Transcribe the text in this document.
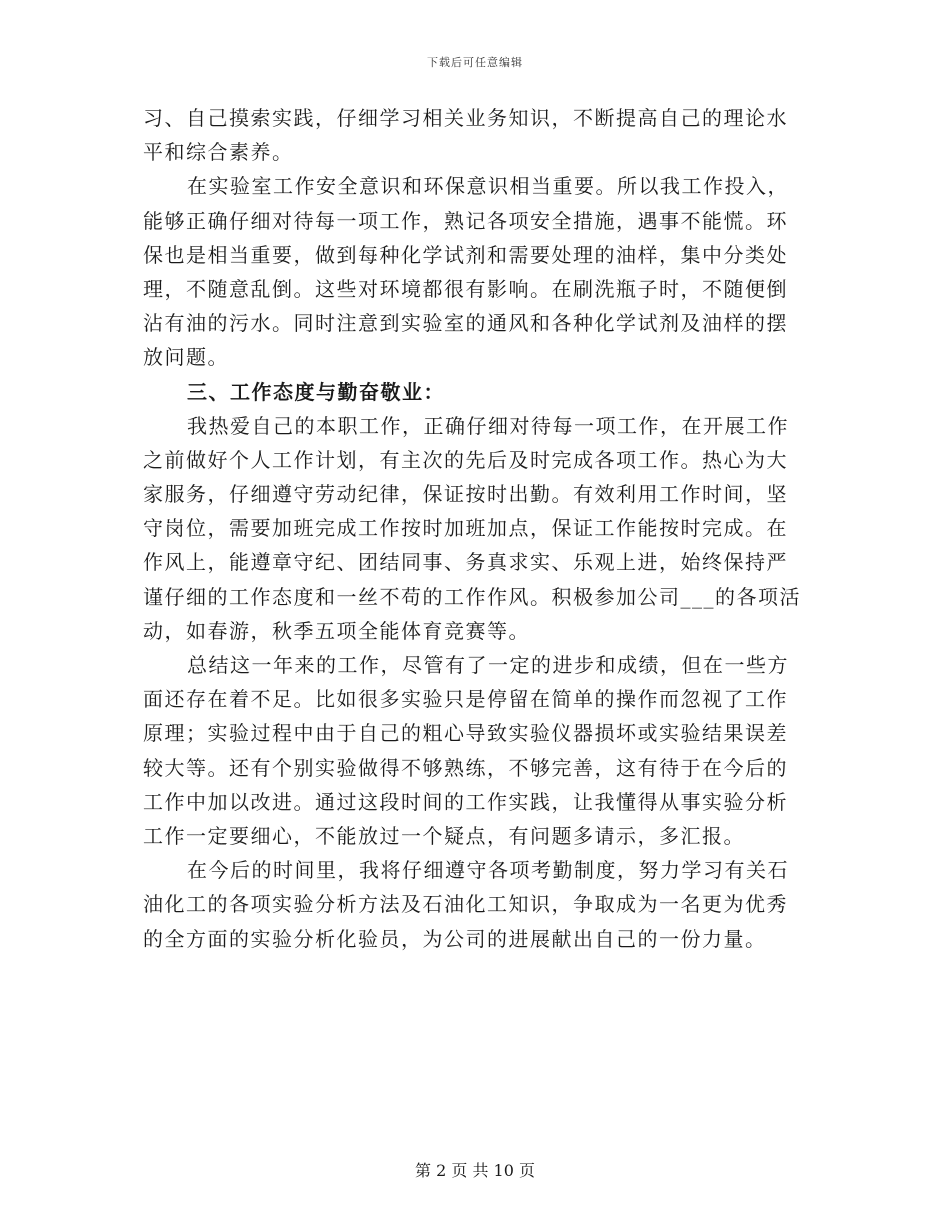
下载后可任意编辑
习、自己摸索实践，仔细学习相关业务知识，不断提高自己的理论水
平和综合素养。
在实验室工作安全意识和环保意识相当重要。所以我工作投入，
能够正确仔细对待每一项工作，熟记各项安全措施，遇事不能慌。环
保也是相当重要，做到每种化学试剂和需要处理的油样，集中分类处
理，不随意乱倒。这些对环境都很有影响。在刷洗瓶子时，不随便倒
沾有油的污水。同时注意到实验室的通风和各种化学试剂及油样的摆
放问题。
三、工作态度与勤奋敬业：
我热爱自己的本职工作，正确仔细对待每一项工作，在开展工作
之前做好个人工作计划，有主次的先后及时完成各项工作。热心为大
家服务，仔细遵守劳动纪律，保证按时出勤。有效利用工作时间，坚
守岗位，需要加班完成工作按时加班加点，保证工作能按时完成。在
作风上，能遵章守纪、团结同事、务真求实、乐观上进，始终保持严
谨仔细的工作态度和一丝不苟的工作作风。积极参加公司___的各项活
动，如春游，秋季五项全能体育竞赛等。
总结这一年来的工作，尽管有了一定的进步和成绩，但在一些方
面还存在着不足。比如很多实验只是停留在简单的操作而忽视了工作
原理；实验过程中由于自己的粗心导致实验仪器损坏或实验结果误差
较大等。还有个别实验做得不够熟练，不够完善，这有待于在今后的
工作中加以改进。通过这段时间的工作实践，让我懂得从事实验分析
工作一定要细心，不能放过一个疑点，有问题多请示，多汇报。
在今后的时间里，我将仔细遵守各项考勤制度，努力学习有关石
油化工的各项实验分析方法及石油化工知识，争取成为一名更为优秀
的全方面的实验分析化验员，为公司的进展献出自己的一份力量。
第 2 页 共 10 页
